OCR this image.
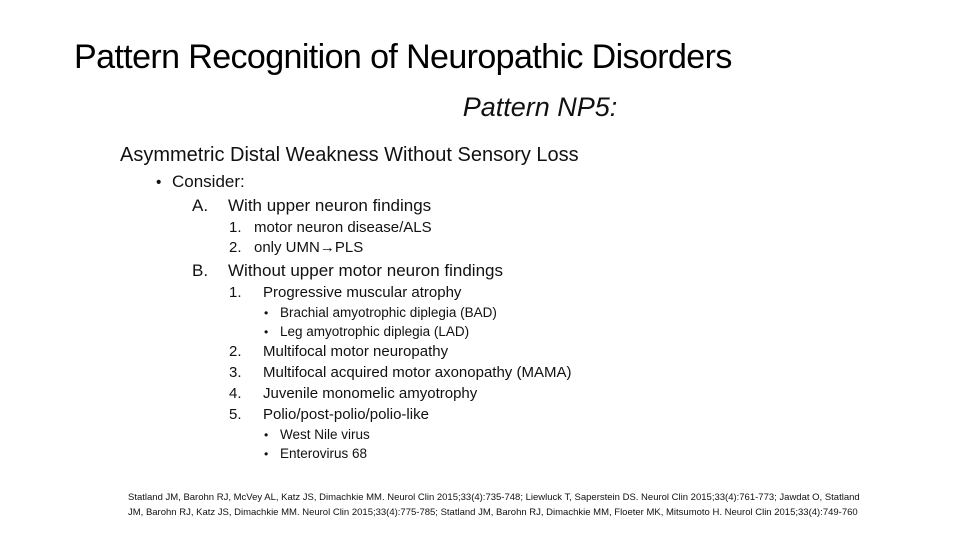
Pattern Recognition of Neuropathic Disorders
Pattern NP5:
Asymmetric Distal Weakness Without Sensory Loss
• Consider:
A. With upper neuron findings
1. motor neuron disease/ALS
2. only UMN→PLS
B. Without upper motor neuron findings
1. Progressive muscular atrophy
• Brachial amyotrophic diplegia (BAD)
• Leg amyotrophic diplegia (LAD)
2. Multifocal motor neuropathy
3. Multifocal acquired motor axonopathy (MAMA)
4. Juvenile monomelic amyotrophy
5. Polio/post-polio/polio-like
• West Nile virus
• Enterovirus 68
Statland JM, Barohn RJ, McVey AL, Katz JS, Dimachkie MM. Neurol Clin 2015;33(4):735-748; Liewluck T, Saperstein DS. Neurol Clin 2015;33(4):761-773; Jawdat O, Statland JM, Barohn RJ, Katz JS, Dimachkie MM. Neurol Clin 2015;33(4):775-785; Statland JM, Barohn RJ, Dimachkie MM, Floeter MK, Mitsumoto H. Neurol Clin 2015;33(4):749-760
